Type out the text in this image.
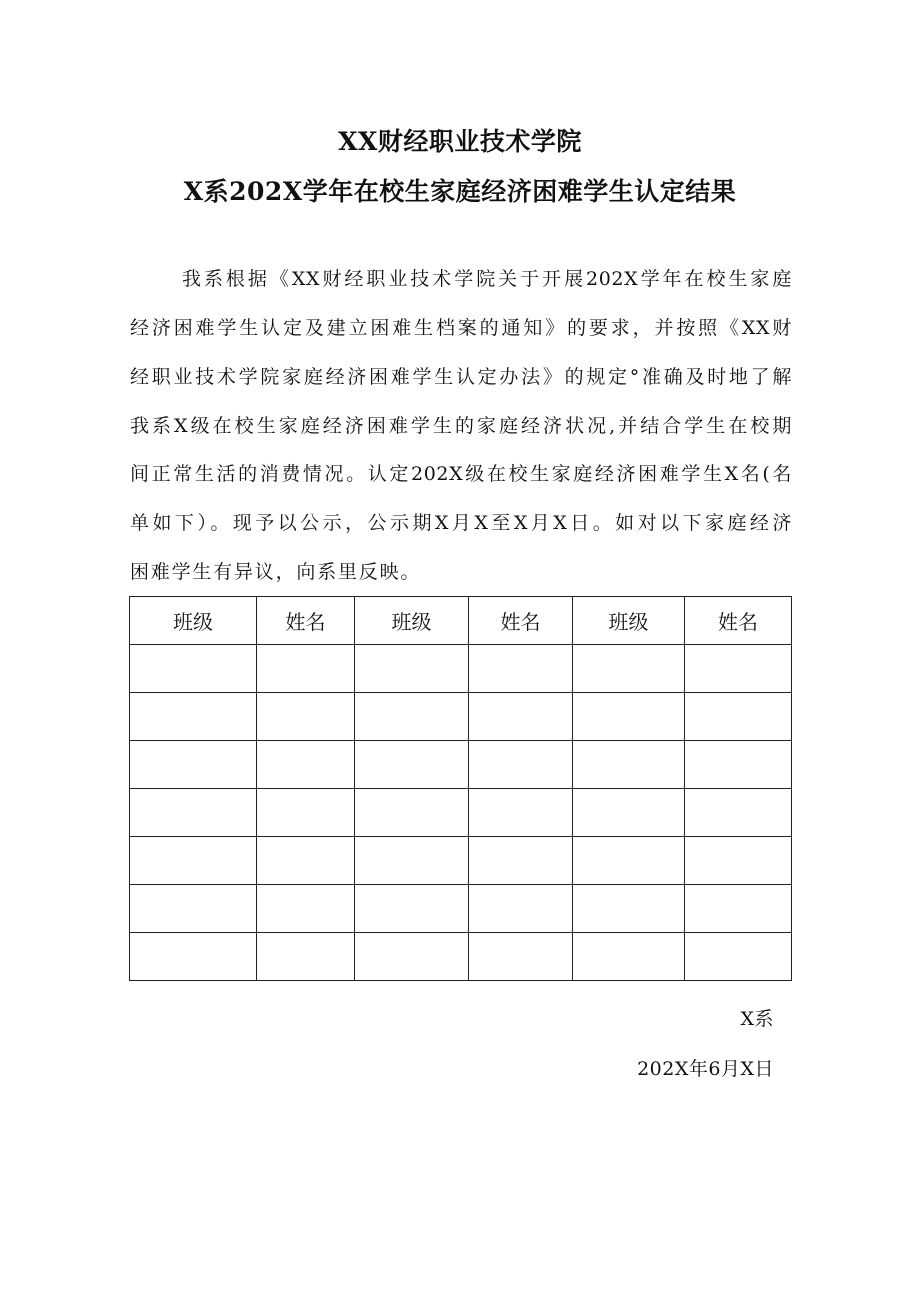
XX财经职业技术学院
X系202X学年在校生家庭经济困难学生认定结果
我系根据《XX财经职业技术学院关于开展202X学年在校生家庭
经济困难学生认定及建立困难生档案的通知》的要求，并按照《XX财
经职业技术学院家庭经济困难学生认定办法》的规定°准确及时地了解
我系X级在校生家庭经济困难学生的家庭经济状况,并结合学生在校期
间正常生活的消费情况。认定202X级在校生家庭经济困难学生X名(名
单如下）。现予以公示，公示期X月X至X月X日。如对以下家庭经济
困难学生有异议，向系里反映。
班级	姓名	班级	姓名	班级	姓名

X系
202X年6月X日
